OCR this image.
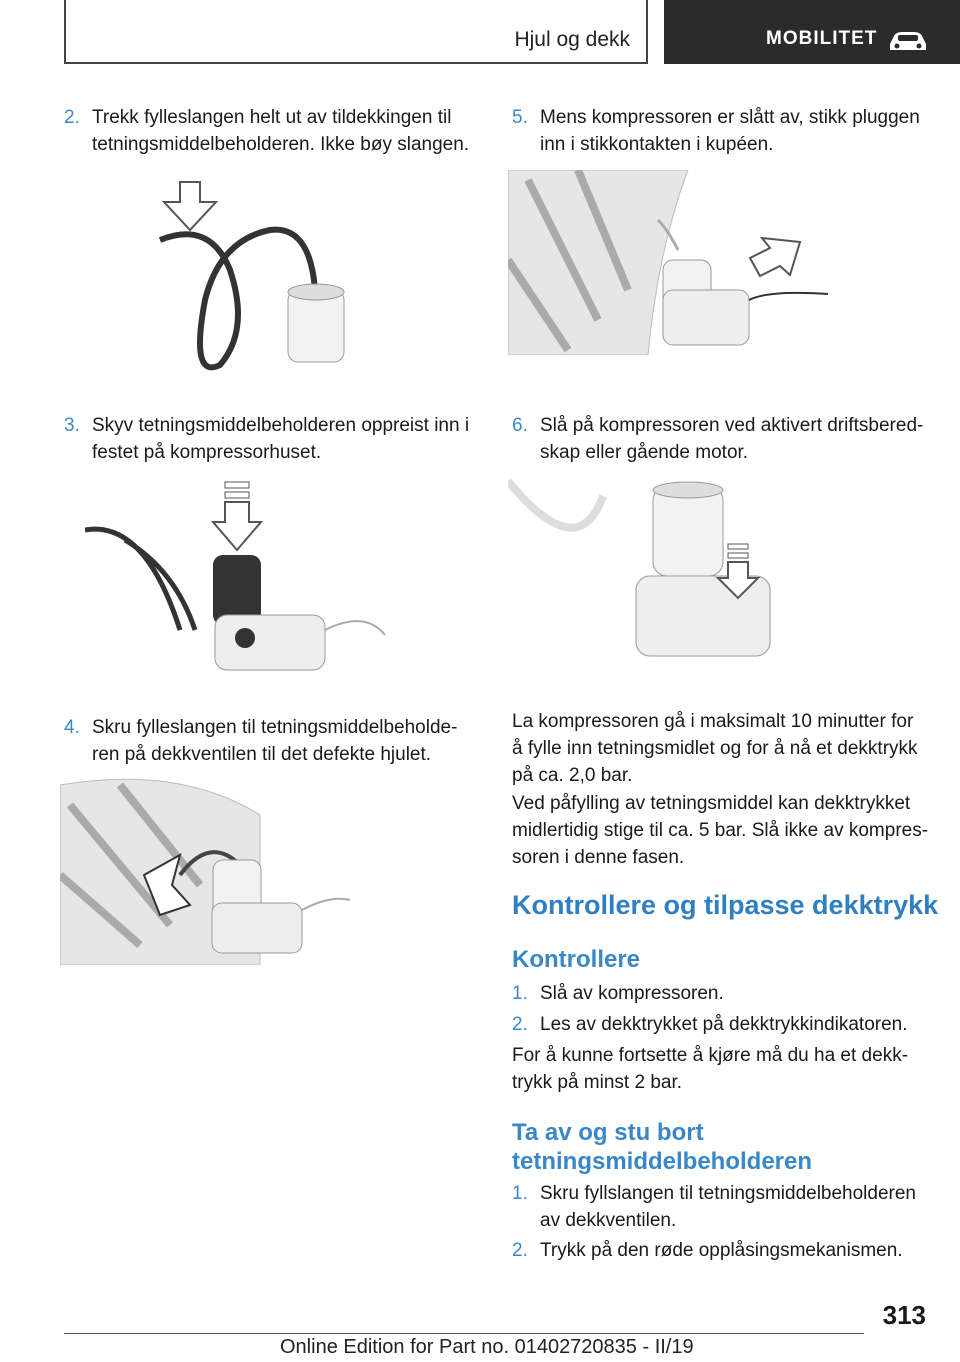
Hjul og dekk	MOBILITET
2. Trekk fylleslangen helt ut av tildekkingen til
tetningsmiddelbeholderen. Ikke bøy slangen.
3. Skyv tetningsmiddelbeholderen oppreist inn i
festet på kompressorhuset.
4. Skru fylleslangen til tetningsmiddelbeholde-
ren på dekkventilen til det defekte hjulet.
5. Mens kompressoren er slått av, stikk pluggen
inn i stikkontakten i kupéen.
6. Slå på kompressoren ved aktivert driftsbered-
skap eller gående motor.
La kompressoren gå i maksimalt 10 minutter for
å fylle inn tetningsmidlet og for å nå et dekktrykk
på ca. 2,0 bar.
Ved påfylling av tetningsmiddel kan dekktrykket
midlertidig stige til ca. 5 bar. Slå ikke av kompres-
soren i denne fasen.
Kontrollere og tilpasse dekktrykk
Kontrollere
1. Slå av kompressoren.
2. Les av dekktrykket på dekktrykkindikatoren.
For å kunne fortsette å kjøre må du ha et dekk-
trykk på minst 2 bar.
Ta av og stu bort
tetningsmiddelbeholderen
1. Skru fyllslangen til tetningsmiddelbeholderen
av dekkventilen.
2. Trykk på den røde opplåsingsmekanismen.
313
Online Edition for Part no. 01402720835 - II/19
